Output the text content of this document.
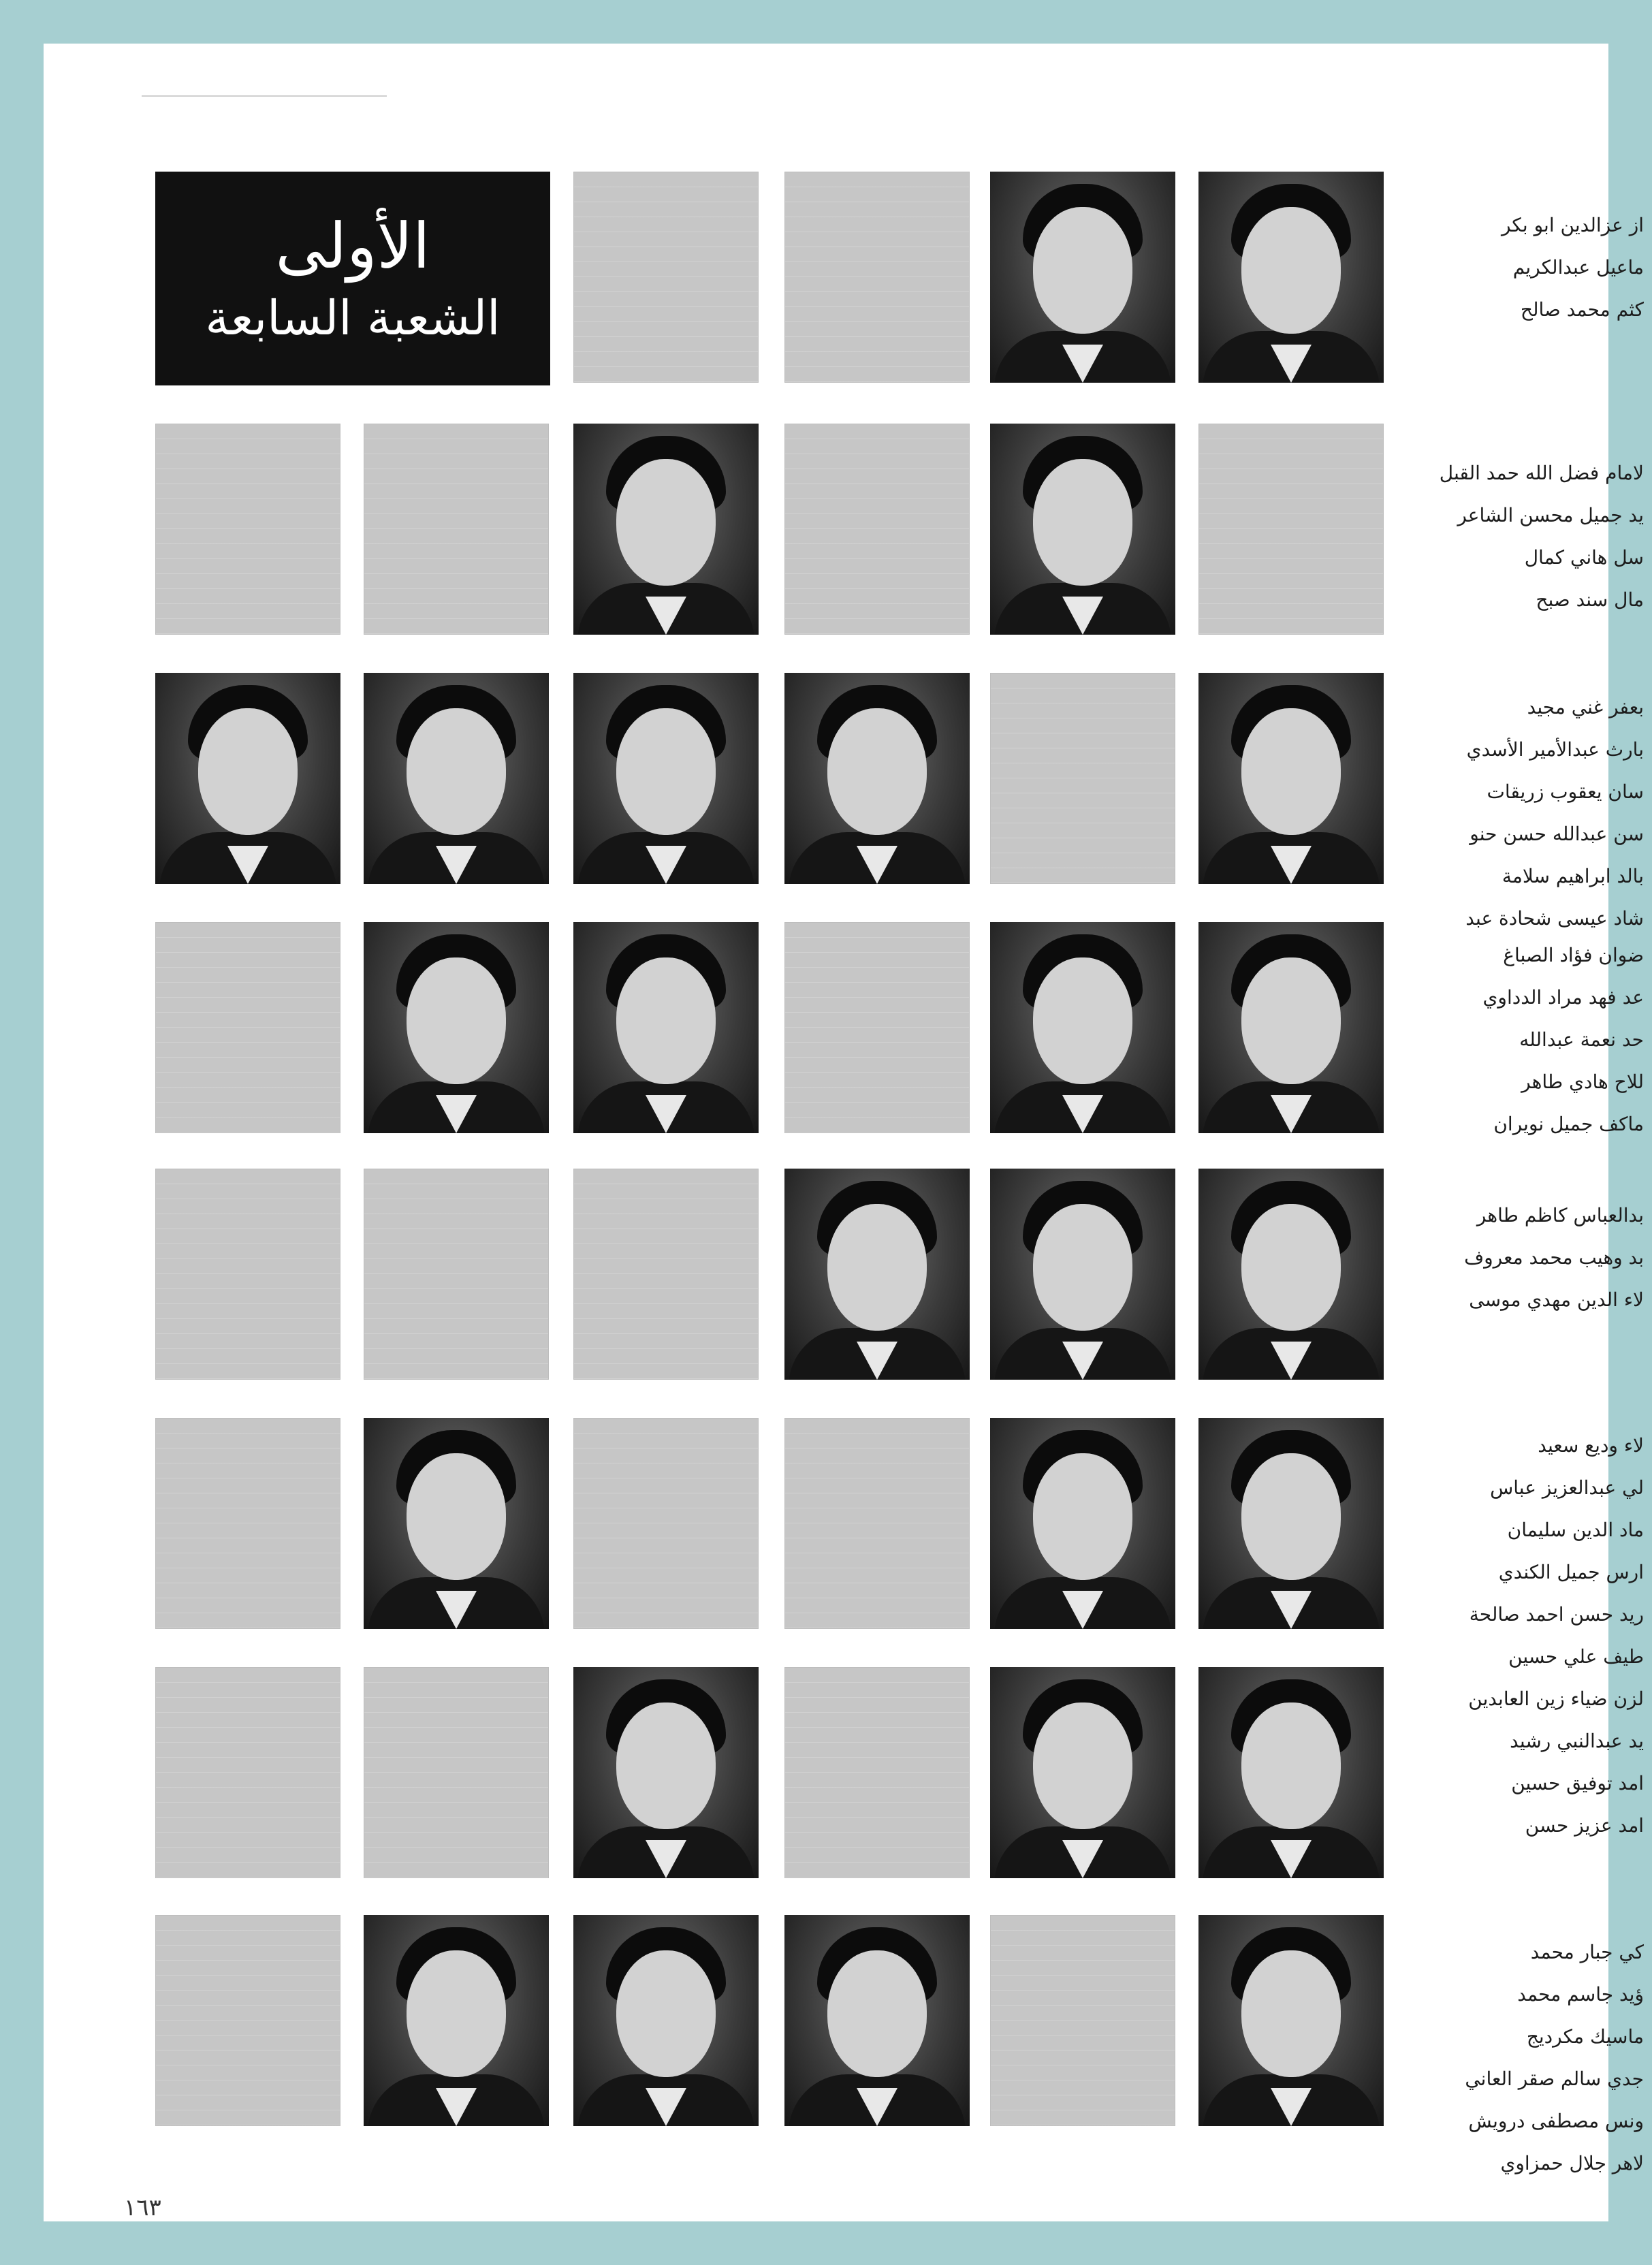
الأولى
الشعبة السابعة
از عزالدين ابو بكر
ماعيل عبدالكريم
كثم محمد صالح
لامام فضل الله حمد القبل
يد جميل محسن الشاعر
سل هاني كمال
مال سند صبح
بعفر غني مجيد
بارث عبدالأمير الأسدي
سان يعقوب زريقات
سن عبدالله حسن حنو
بالد ابراهيم سلامة
شاد عيسى شحادة عبد
ضوان فؤاد الصباغ
عد فهد مراد الدداوي
حد نعمة عبدالله
للاح هادي طاهر
ماكف جميل نويران
بدالعباس كاظم طاهر
بد وهيب محمد معروف
لاء الدين مهدي موسى
لاء وديع سعيد
لي عبدالعزيز عباس
ماد الدين سليمان
ارس جميل الكندي
ريد حسن احمد صالحة
طيف علي حسين
لزن ضياء زين العابدين
يد عبدالنبي رشيد
امد توفيق حسين
امد عزيز حسن
كي جبار محمد
ؤيد جاسم محمد
ماسيك مكرديج
جدي سالم صقر العاني
ونس مصطفى درويش
لاهر جلال حمزاوي
١٦٣
